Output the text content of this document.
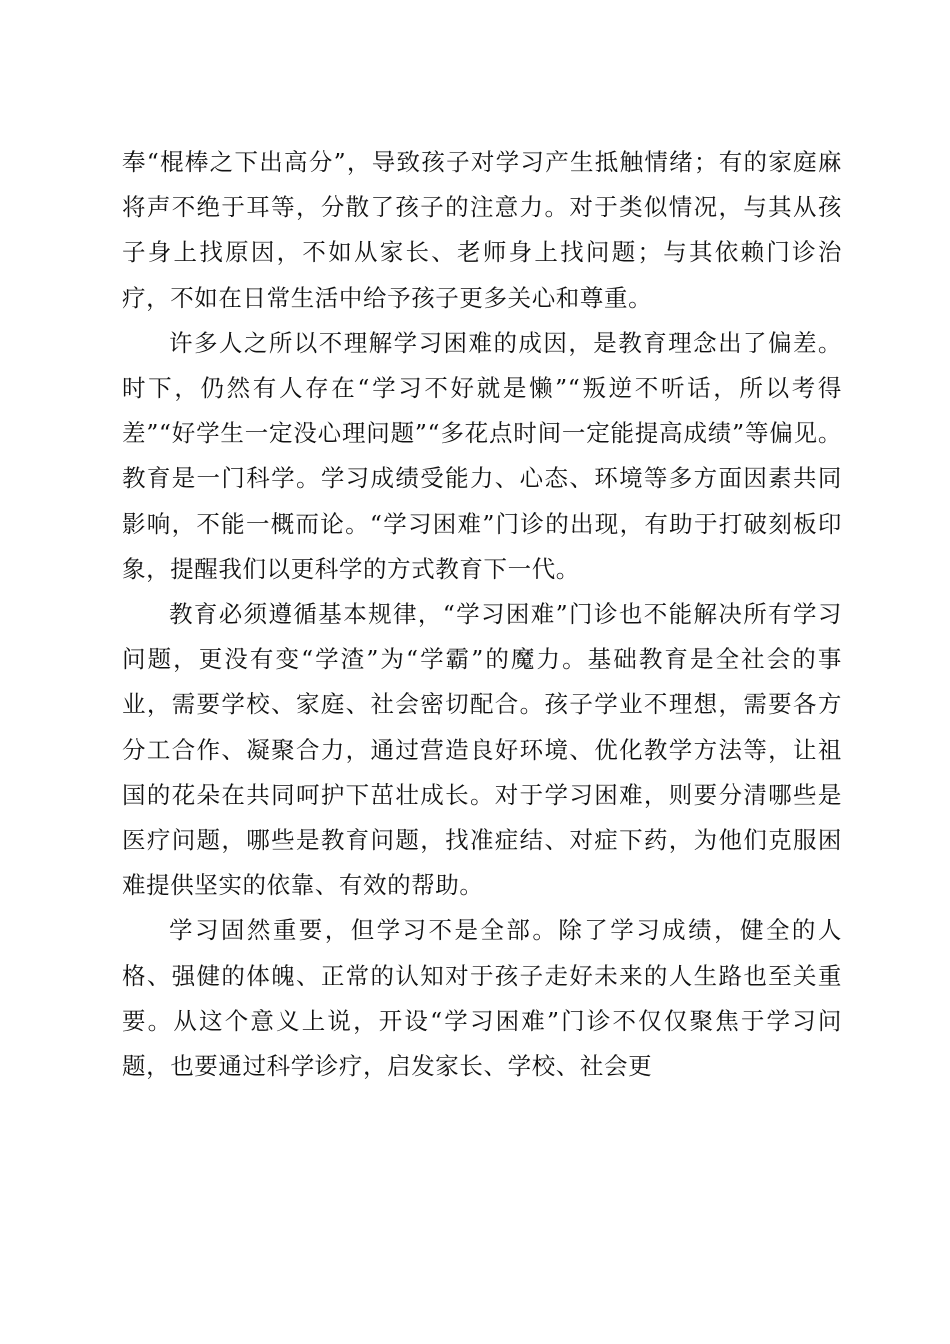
奉“棍棒之下出高分”，导致孩子对学习产生抵触情绪；有的家庭麻将声不绝于耳等，分散了孩子的注意力。对于类似情况，与其从孩子身上找原因，不如从家长、老师身上找问题；与其依赖门诊治疗，不如在日常生活中给予孩子更多关心和尊重。

许多人之所以不理解学习困难的成因，是教育理念出了偏差。时下，仍然有人存在“学习不好就是懒”“叛逆不听话，所以考得差”“好学生一定没心理问题”“多花点时间一定能提高成绩”等偏见。教育是一门科学。学习成绩受能力、心态、环境等多方面因素共同影响，不能一概而论。“学习困难”门诊的出现，有助于打破刻板印象，提醒我们以更科学的方式教育下一代。

教育必须遵循基本规律，“学习困难”门诊也不能解决所有学习问题，更没有变“学渣”为“学霸”的魔力。基础教育是全社会的事业，需要学校、家庭、社会密切配合。孩子学业不理想，需要各方分工合作、凝聚合力，通过营造良好环境、优化教学方法等，让祖国的花朵在共同呵护下茁壮成长。对于学习困难，则要分清哪些是医疗问题，哪些是教育问题，找准症结、对症下药，为他们克服困难提供坚实的依靠、有效的帮助。

学习固然重要，但学习不是全部。除了学习成绩，健全的人格、强健的体魄、正常的认知对于孩子走好未来的人生路也至关重要。从这个意义上说，开设“学习困难”门诊不仅仅聚焦于学习问题，也要通过科学诊疗，启发家长、学校、社会更
